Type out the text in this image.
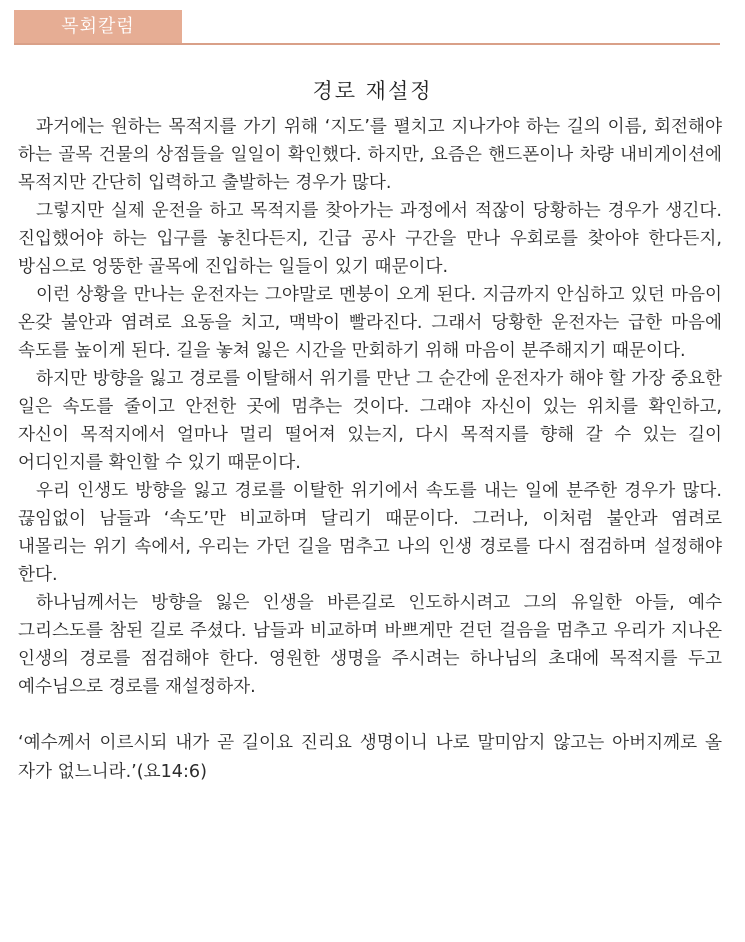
목회칼럼
경로 재설정

과거에는 원하는 목적지를 가기 위해 ‘지도’를 펼치고 지나가야 하는 길의 이름, 회전해야 하는 골목 건물의 상점들을 일일이 확인했다. 하지만, 요즘은 핸드폰이나 차량 내비게이션에 목적지만 간단히 입력하고 출발하는 경우가 많다.

그렇지만 실제 운전을 하고 목적지를 찾아가는 과정에서 적잖이 당황하는 경우가 생긴다. 진입했어야 하는 입구를 놓친다든지, 긴급 공사 구간을 만나 우회로를 찾아야 한다든지, 방심으로 엉뚱한 골목에 진입하는 일들이 있기 때문이다.

이런 상황을 만나는 운전자는 그야말로 멘붕이 오게 된다. 지금까지 안심하고 있던 마음이 온갖 불안과 염려로 요동을 치고, 맥박이 빨라진다. 그래서 당황한 운전자는 급한 마음에 속도를 높이게 된다. 길을 놓쳐 잃은 시간을 만회하기 위해 마음이 분주해지기 때문이다.

하지만 방향을 잃고 경로를 이탈해서 위기를 만난 그 순간에 운전자가 해야 할 가장 중요한 일은 속도를 줄이고 안전한 곳에 멈추는 것이다. 그래야 자신이 있는 위치를 확인하고, 자신이 목적지에서 얼마나 멀리 떨어져 있는지, 다시 목적지를 향해 갈 수 있는 길이 어디인지를 확인할 수 있기 때문이다.

우리 인생도 방향을 잃고 경로를 이탈한 위기에서 속도를 내는 일에 분주한 경우가 많다. 끊임없이 남들과 ‘속도’만 비교하며 달리기 때문이다. 그러나, 이처럼 불안과 염려로 내몰리는 위기 속에서, 우리는 가던 길을 멈추고 나의 인생 경로를 다시 점검하며 설정해야 한다.

하나님께서는 방향을 잃은 인생을 바른길로 인도하시려고 그의 유일한 아들, 예수 그리스도를 참된 길로 주셨다. 남들과 비교하며 바쁘게만 걷던 걸음을 멈추고 우리가 지나온 인생의 경로를 점검해야 한다. 영원한 생명을 주시려는 하나님의 초대에 목적지를 두고 예수님으로 경로를 재설정하자.

‘예수께서 이르시되 내가 곧 길이요 진리요 생명이니 나로 말미암지 않고는 아버지께로 올 자가 없느니라.’(요14:6)
